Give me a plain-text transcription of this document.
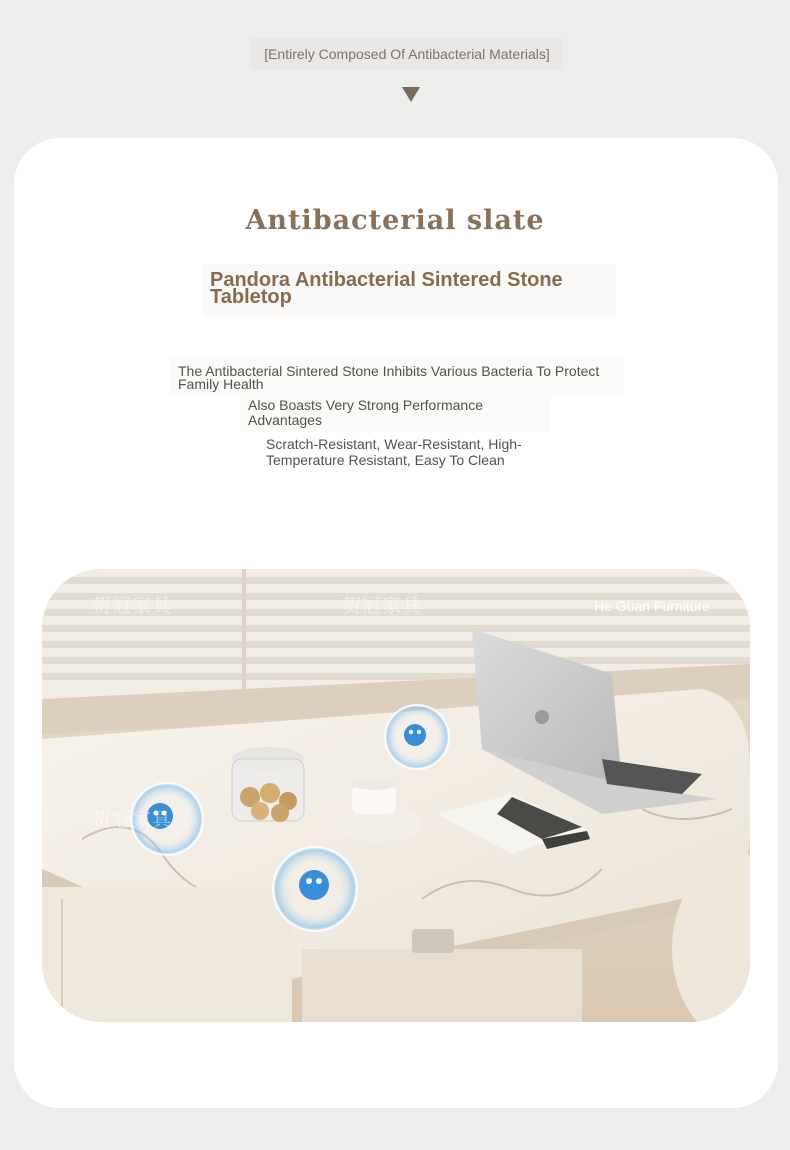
[Entirely Composed Of Antibacterial Materials]
Antibacterial slate
Pandora Antibacterial Sintered Stone Tabletop
The Antibacterial Sintered Stone Inhibits Various Bacteria To Protect Family Health
Also Boasts Very Strong Performance Advantages
Scratch-Resistant, Wear-Resistant, High-Temperature Resistant, Easy To Clean
贺冠家具	贺冠家具
贺冠家具
He Guan Furniture
